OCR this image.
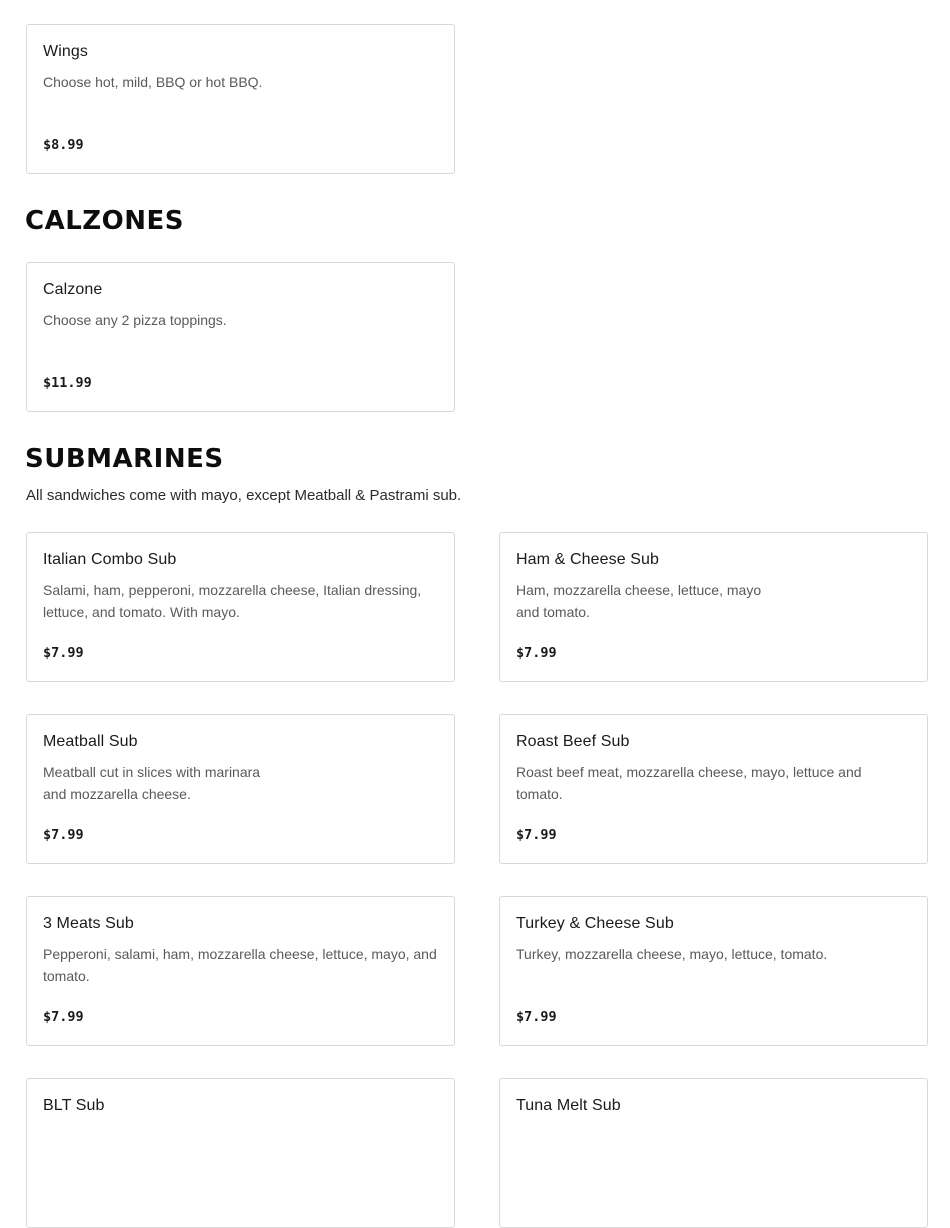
Wings
Choose hot, mild, BBQ or hot BBQ.
$8.99
CALZONES
Calzone
Choose any 2 pizza toppings.
$11.99
SUBMARINES
All sandwiches come with mayo, except Meatball & Pastrami sub.
Italian Combo Sub
Salami, ham, pepperoni, mozzarella cheese, Italian dressing, lettuce, and tomato. With mayo.
$7.99
Ham & Cheese Sub
Ham, mozzarella cheese, lettuce, mayo
and tomato.
$7.99
Meatball Sub
Meatball cut in slices with marinara
and mozzarella cheese.
$7.99
Roast Beef Sub
Roast beef meat, mozzarella cheese, mayo, lettuce and tomato.
$7.99
3 Meats Sub
Pepperoni, salami, ham, mozzarella cheese, lettuce, mayo, and tomato.
$7.99
Turkey & Cheese Sub
Turkey, mozzarella cheese, mayo, lettuce, tomato.
$7.99
BLT Sub	Tuna Melt Sub
